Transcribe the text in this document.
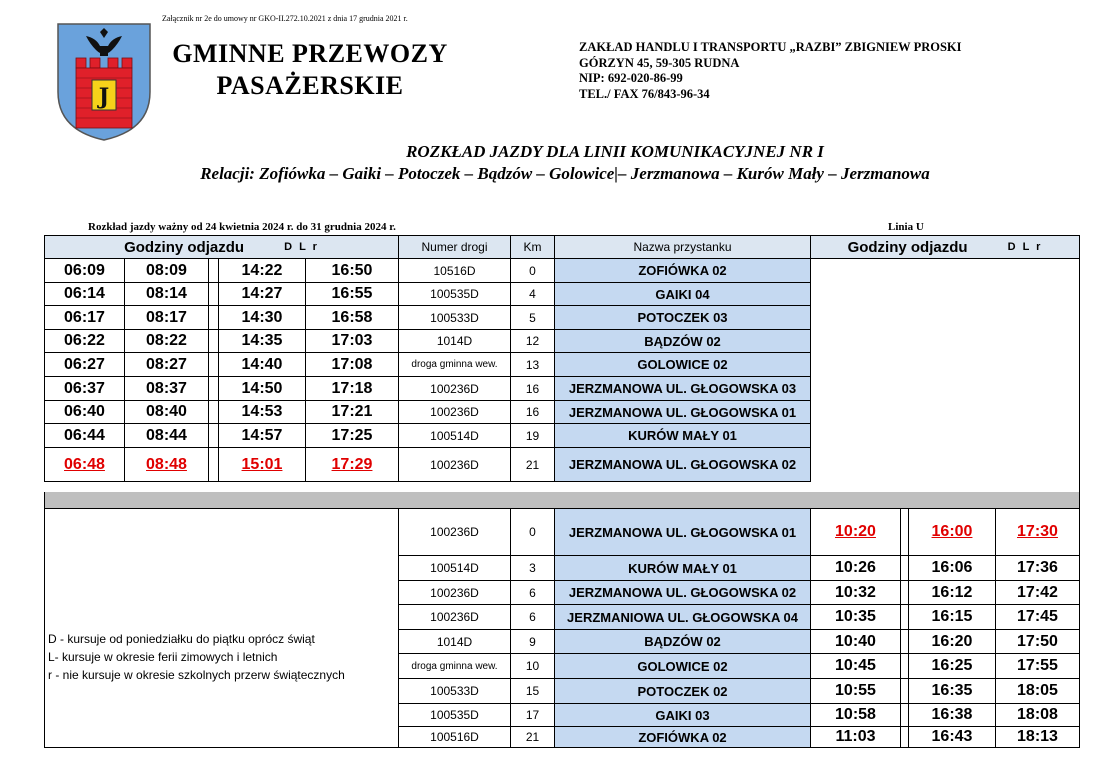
Załącznik nr 2e do umowy nr GKO-II.272.10.2021 z dnia 17 grudnia 2021 r.
J
GMINNE PRZEWOZY
PASAŻERSKIE
ZAKŁAD HANDLU I TRANSPORTU „RAZBI” ZBIGNIEW PROSKI
GÓRZYN 45, 59-305 RUDNA
NIP: 692-020-86-99
TEL./ FAX 76/843-96-34
ROZKŁAD JAZDY DLA LINII KOMUNIKACYJNEJ NR I
Relacji: Zofiówka – Gaiki – Potoczek – Bądzów – Golowice|– Jerzmanowa – Kurów Mały – Jerzmanowa
Rozkład jazdy ważny od 24 kwietnia 2024 r. do 31 grudnia 2024 r.	Linia U
Godziny odjazdu	D L r	Numer drogi	Km	Nazwa przystanku	Godziny odjazdu	D L r
06:09	08:09	14:22	16:50	10516D	0	ZOFIÓWKA 02
06:14	08:14	14:27	16:55	100535D	4	GAIKI 04
06:17	08:17	14:30	16:58	100533D	5	POTOCZEK 03
06:22	08:22	14:35	17:03	1014D	12	BĄDZÓW 02
06:27	08:27	14:40	17:08	droga gminna wew.	13	GOLOWICE 02
06:37	08:37	14:50	17:18	100236D	16	JERZMANOWA UL. GŁOGOWSKA 03
06:40	08:40	14:53	17:21	100236D	16	JERZMANOWA UL. GŁOGOWSKA 01
06:44	08:44	14:57	17:25	100514D	19	KURÓW MAŁY 01
06:48	08:48	15:01	17:29	100236D	21	JERZMANOWA UL. GŁOGOWSKA 02
100236D	0	JERZMANOWA UL. GŁOGOWSKA 01	10:20	16:00	17:30
100514D	3	KURÓW MAŁY 01	10:26	16:06	17:36
100236D	6	JERZMANOWA UL. GŁOGOWSKA 02	10:32	16:12	17:42
100236D	6	JERZMANIOWA UL. GŁOGOWSKA 04	10:35	16:15	17:45
1014D	9	BĄDZÓW 02	10:40	16:20	17:50
droga gminna wew.	10	GOLOWICE 02	10:45	16:25	17:55
100533D	15	POTOCZEK 02	10:55	16:35	18:05
100535D	17	GAIKI 03	10:58	16:38	18:08
100516D	21	ZOFIÓWKA 02	11:03	16:43	18:13
D - kursuje od poniedziałku do piątku oprócz świąt
L- kursuje w okresie ferii zimowych i letnich
r - nie kursuje w okresie szkolnych przerw świątecznych
